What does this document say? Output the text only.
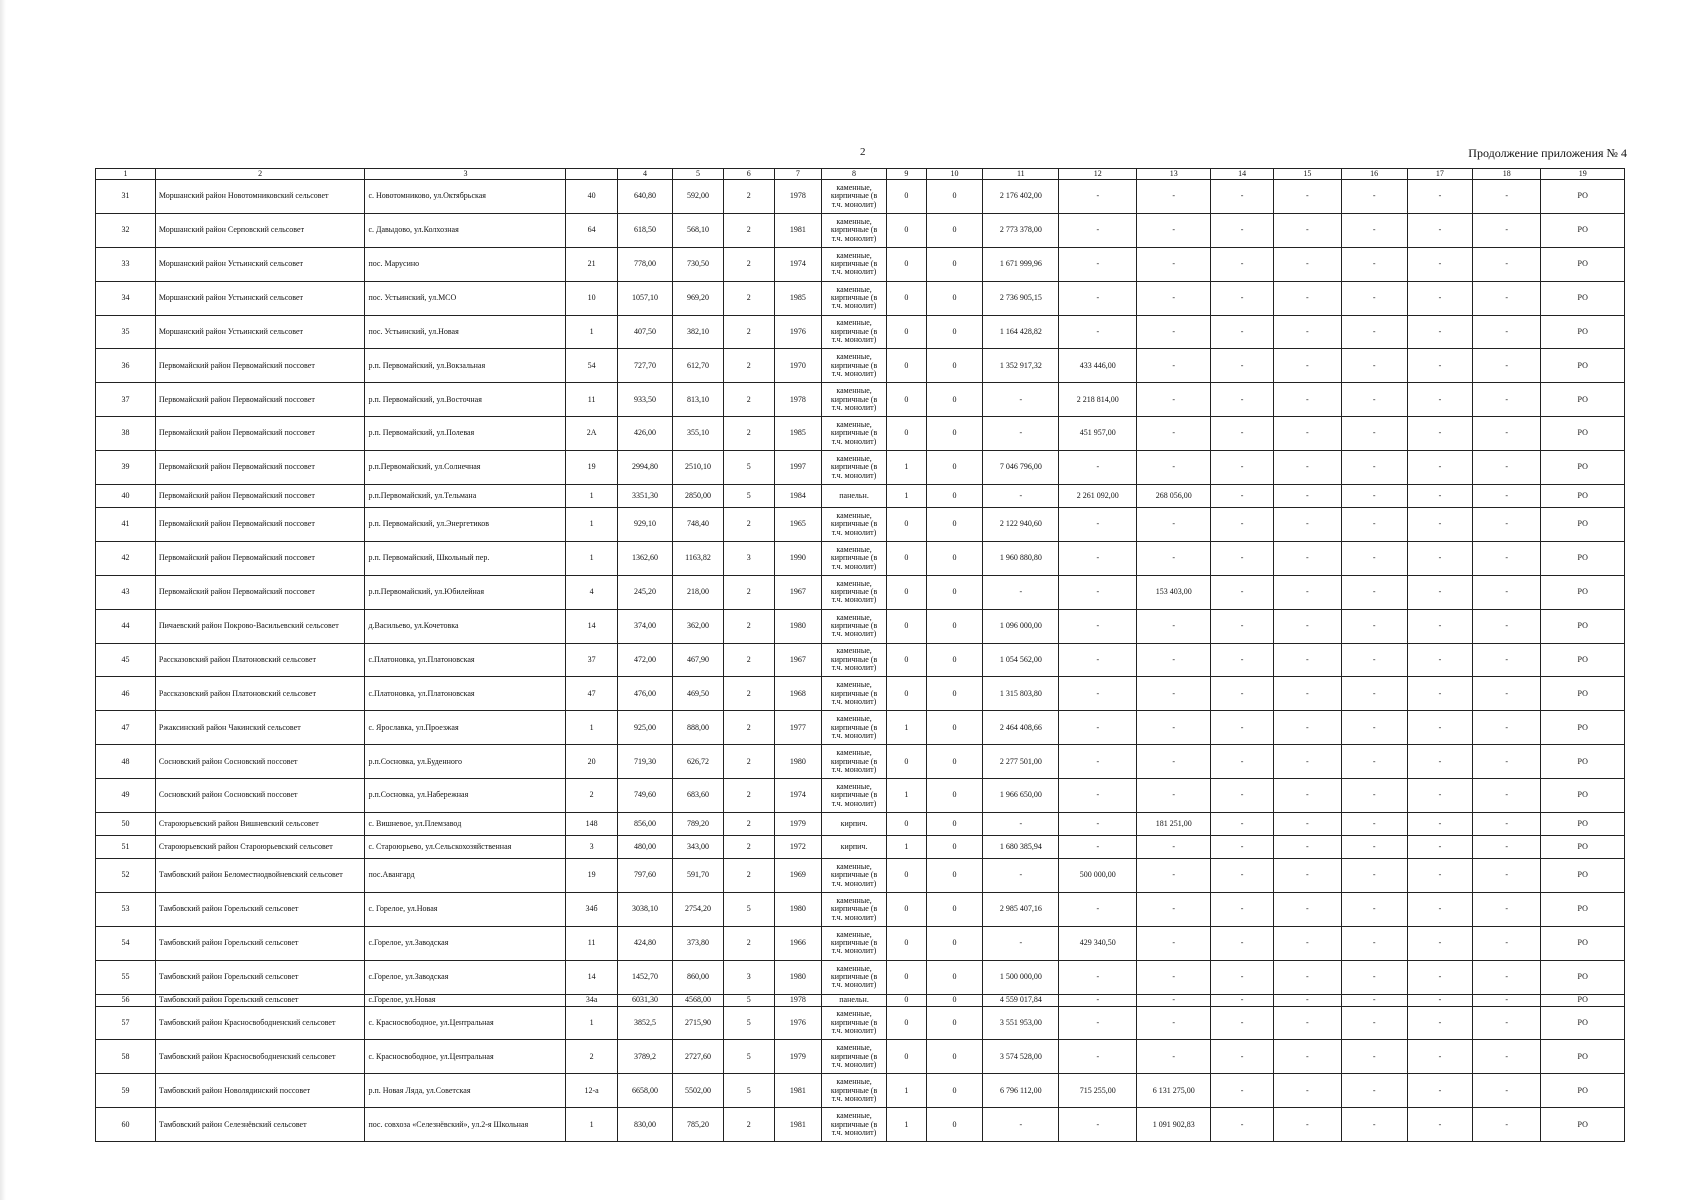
2	Продолжение приложения № 4
1	2	3		4	5	6	7	8	9	10	11	12	13	14	15	16	17	18	19
31	Моршанский район Новотомниковский сельсовет	с. Новотомниково, ул.Октябрьская	40	640,80	592,00	2	1978	каменные, кирпичные (в т.ч. монолит)	0	0	2 176 402,00	-	-	-	-	-	-	-	РО
32	Моршанский район Серповский сельсовет	с. Давыдово, ул.Колхозная	64	618,50	568,10	2	1981	каменные, кирпичные (в т.ч. монолит)	0	0	2 773 378,00	-	-	-	-	-	-	-	РО
33	Моршанский район Устьинский сельсовет	пос. Марусино	21	778,00	730,50	2	1974	каменные, кирпичные (в т.ч. монолит)	0	0	1 671 999,96	-	-	-	-	-	-	-	РО
34	Моршанский район Устьинский сельсовет	пос. Устьинский, ул.МСО	10	1057,10	969,20	2	1985	каменные, кирпичные (в т.ч. монолит)	0	0	2 736 905,15	-	-	-	-	-	-	-	РО
35	Моршанский район Устьинский сельсовет	пос. Устьинский, ул.Новая	1	407,50	382,10	2	1976	каменные, кирпичные (в т.ч. монолит)	0	0	1 164 428,82	-	-	-	-	-	-	-	РО
36	Первомайский район Первомайский поссовет	р.п. Первомайский, ул.Вокзальная	54	727,70	612,70	2	1970	каменные, кирпичные (в т.ч. монолит)	0	0	1 352 917,32	433 446,00	-	-	-	-	-	-	РО
37	Первомайский район Первомайский поссовет	р.п. Первомайский, ул.Восточная	11	933,50	813,10	2	1978	каменные, кирпичные (в т.ч. монолит)	0	0	-	2 218 814,00	-	-	-	-	-	-	РО
38	Первомайский район Первомайский поссовет	р.п. Первомайский, ул.Полевая	2А	426,00	355,10	2	1985	каменные, кирпичные (в т.ч. монолит)	0	0	-	451 957,00	-	-	-	-	-	-	РО
39	Первомайский район Первомайский поссовет	р.п.Первомайский, ул.Солнечная	19	2994,80	2510,10	5	1997	каменные, кирпичные (в т.ч. монолит)	1	0	7 046 796,00	-	-	-	-	-	-	-	РО
40	Первомайский район Первомайский поссовет	р.п.Первомайский, ул.Тельмана	1	3351,30	2850,00	5	1984	панельн.	1	0	-	2 261 092,00	268 056,00	-	-	-	-	-	РО
41	Первомайский район Первомайский поссовет	р.п. Первомайский, ул.Энергетиков	1	929,10	748,40	2	1965	каменные, кирпичные (в т.ч. монолит)	0	0	2 122 940,60	-	-	-	-	-	-	-	РО
42	Первомайский район Первомайский поссовет	р.п. Первомайский, Школьный пер.	1	1362,60	1163,82	3	1990	каменные, кирпичные (в т.ч. монолит)	0	0	1 960 880,80	-	-	-	-	-	-	-	РО
43	Первомайский район Первомайский поссовет	р.п.Первомайский, ул.Юбилейная	4	245,20	218,00	2	1967	каменные, кирпичные (в т.ч. монолит)	0	0	-	-	153 403,00	-	-	-	-	-	РО
44	Пичаевский район Покрово-Васильевский сельсовет	д.Васильево, ул.Кочетовка	14	374,00	362,00	2	1980	каменные, кирпичные (в т.ч. монолит)	0	0	1 096 000,00	-	-	-	-	-	-	-	РО
45	Рассказовский район Платоновский сельсовет	с.Платоновка, ул.Платоновская	37	472,00	467,90	2	1967	каменные, кирпичные (в т.ч. монолит)	0	0	1 054 562,00	-	-	-	-	-	-	-	РО
46	Рассказовский район Платоновский сельсовет	с.Платоновка, ул.Платоновская	47	476,00	469,50	2	1968	каменные, кирпичные (в т.ч. монолит)	0	0	1 315 803,80	-	-	-	-	-	-	-	РО
47	Ржаксинский район Чакинский сельсовет	с. Ярославка, ул.Проезжая	1	925,00	888,00	2	1977	каменные, кирпичные (в т.ч. монолит)	1	0	2 464 408,66	-	-	-	-	-	-	-	РО
48	Сосновский район Сосновский поссовет	р.п.Сосновка, ул.Буденного	20	719,30	626,72	2	1980	каменные, кирпичные (в т.ч. монолит)	0	0	2 277 501,00	-	-	-	-	-	-	-	РО
49	Сосновский район Сосновский поссовет	р.п.Сосновка, ул.Набережная	2	749,60	683,60	2	1974	каменные, кирпичные (в т.ч. монолит)	1	0	1 966 650,00	-	-	-	-	-	-	-	РО
50	Староюрьевский район Вишневский сельсовет	с. Вишневое, ул.Племзавод	148	856,00	789,20	2	1979	кирпич.	0	0	-	-	181 251,00	-	-	-	-	-	РО
51	Староюрьевский район Староюрьевский сельсовет	с. Староюрьево, ул.Сельскохозяйственная	3	480,00	343,00	2	1972	кирпич.	1	0	1 680 385,94	-	-	-	-	-	-	-	РО
52	Тамбовский район Беломестнодвойневский сельсовет	пос.Авангард	19	797,60	591,70	2	1969	каменные, кирпичные (в т.ч. монолит)	0	0	-	500 000,00	-	-	-	-	-	-	РО
53	Тамбовский район Горельский сельсовет	с. Горелое, ул.Новая	34б	3038,10	2754,20	5	1980	каменные, кирпичные (в т.ч. монолит)	0	0	2 985 407,16	-	-	-	-	-	-	-	РО
54	Тамбовский район Горельский сельсовет	с.Горелое, ул.Заводская	11	424,80	373,80	2	1966	каменные, кирпичные (в т.ч. монолит)	0	0	-	429 340,50	-	-	-	-	-	-	РО
55	Тамбовский район Горельский сельсовет	с.Горелое, ул.Заводская	14	1452,70	860,00	3	1980	каменные, кирпичные (в т.ч. монолит)	0	0	1 500 000,00	-	-	-	-	-	-	-	РО
56	Тамбовский район Горельский сельсовет	с.Горелое, ул.Новая	34а	6031,30	4568,00	5	1978	панельн.	0	0	4 559 017,84	-	-	-	-	-	-	-	РО
57	Тамбовский район Красносвободненский сельсовет	с. Красносвободное, ул.Центральная	1	3852,5	2715,90	5	1976	каменные, кирпичные (в т.ч. монолит)	0	0	3 551 953,00	-	-	-	-	-	-	-	РО
58	Тамбовский район Красносвободненский сельсовет	с. Красносвободное, ул.Центральная	2	3789,2	2727,60	5	1979	каменные, кирпичные (в т.ч. монолит)	0	0	3 574 528,00	-	-	-	-	-	-	-	РО
59	Тамбовский район Новолядинский поссовет	р.п. Новая Ляда, ул.Советская	12-а	6658,00	5502,00	5	1981	каменные, кирпичные (в т.ч. монолит)	1	0	6 796 112,00	715 255,00	6 131 275,00	-	-	-	-	-	РО
60	Тамбовский район Селезнёвский сельсовет	пос. совхоза «Селезнёвский», ул.2-я Школьная	1	830,00	785,20	2	1981	каменные, кирпичные (в т.ч. монолит)	1	0	-	-	1 091 902,83	-	-	-	-	-	РО
